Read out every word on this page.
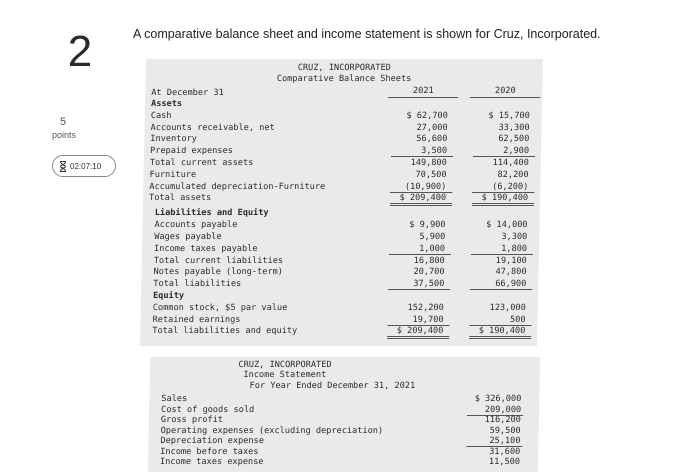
2
5
points
02:07:10
A comparative balance sheet and income statement is shown for Cruz, Incorporated.
CRUZ, INCORPORATED
Comparative Balance Sheets
At December 31	2021	2020
Assets
Cash	$ 62,700	$ 15,700
Accounts receivable, net	27,000	33,300
Inventory	56,600	62,500
Prepaid expenses	3,500	2,900
Total current assets	149,800	114,400
Furniture	70,500	82,200
Accumulated depreciation-Furniture	(10,900)	(6,200)
Total assets	$ 209,400	$ 190,400
Liabilities and Equity
Accounts payable	$ 9,900	$ 14,000
Wages payable	5,900	3,300
Income taxes payable	1,000	1,800
Total current liabilities	16,800	19,100
Notes payable (long-term)	20,700	47,800
Total liabilities	37,500	66,900
Equity
Common stock, $5 par value	152,200	123,000
Retained earnings	19,700	500
Total liabilities and equity	$ 209,400	$ 190,400
CRUZ, INCORPORATED
Income Statement
For Year Ended December 31, 2021
Sales	$ 326,000
Cost of goods sold	209,000
Gross profit	116,200
Operating expenses (excluding depreciation)	59,500
Depreciation expense	25,100
Income before taxes	31,600
Income taxes expense	11,500
